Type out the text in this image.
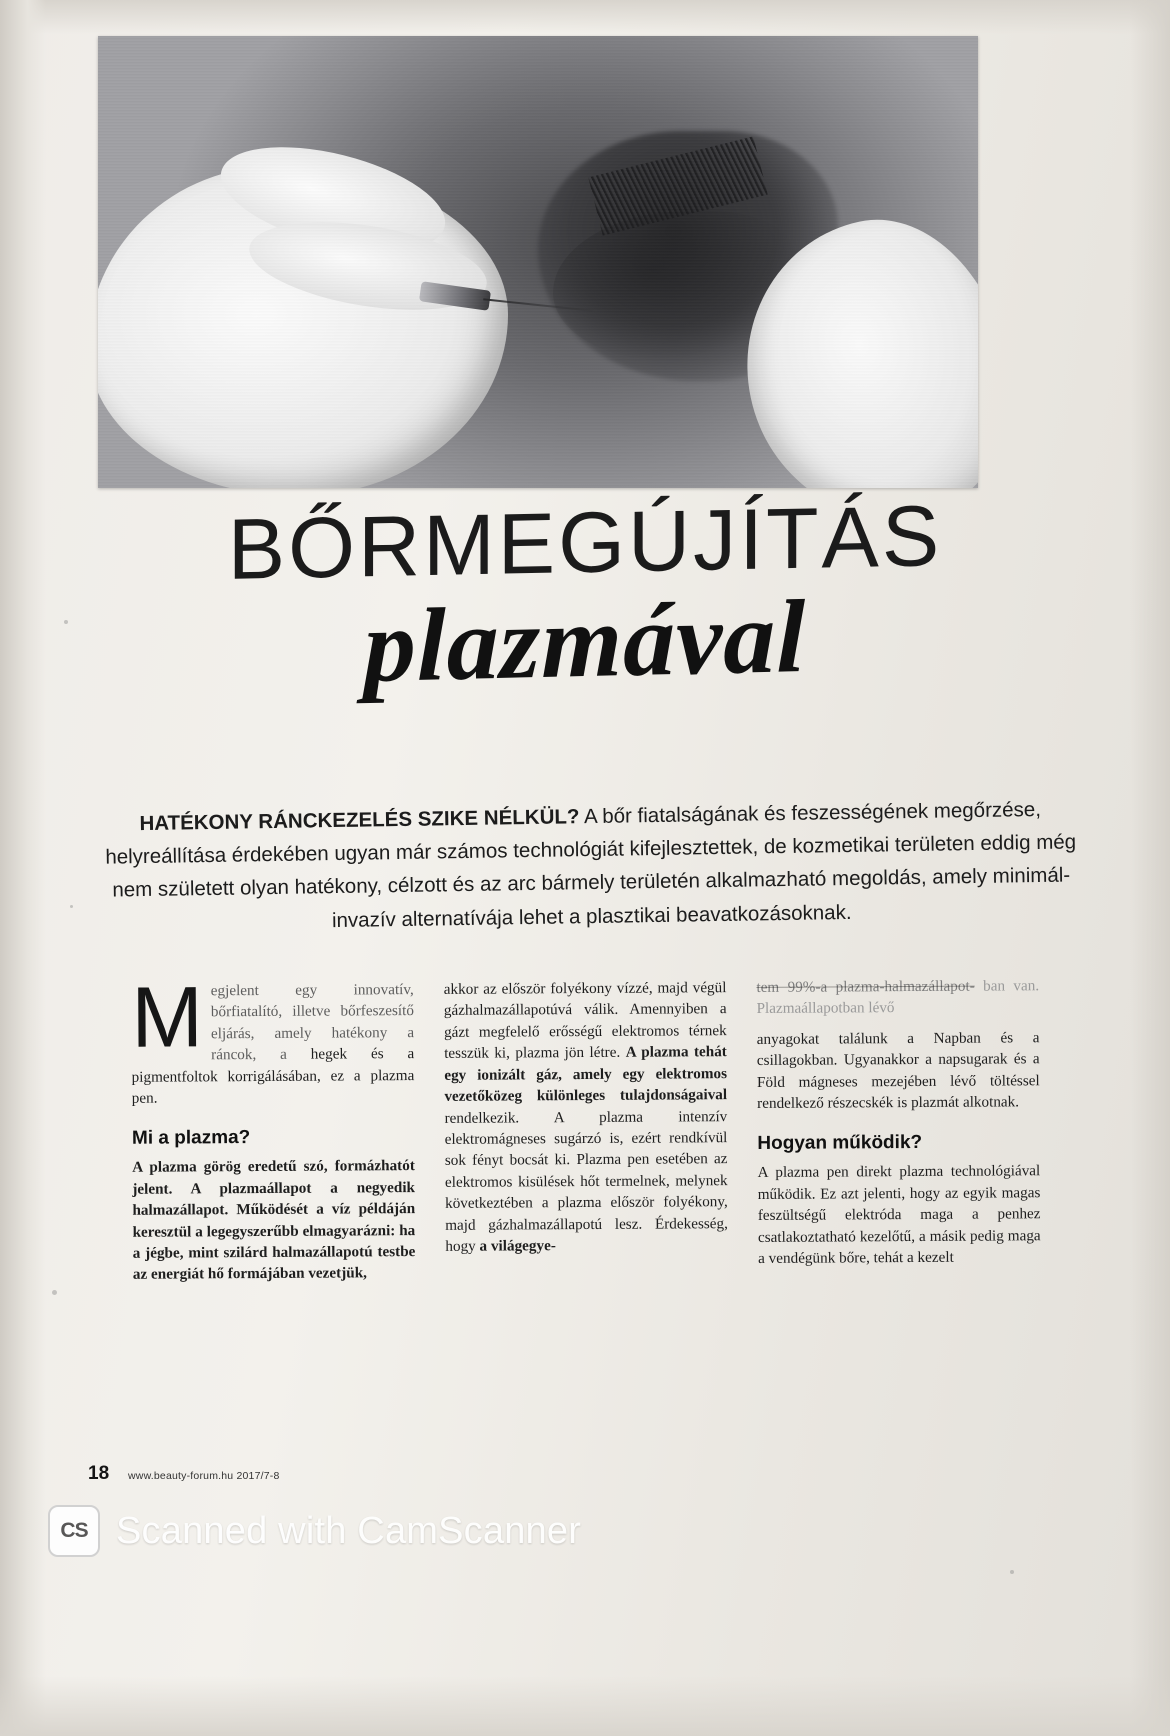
BŐRMEGÚJÍTÁS
plazmával
HATÉKONY RÁNCKEZELÉS SZIKE NÉLKÜL? A bőr fiatalságának és feszességének megőrzése, helyreállítása érdekében ugyan már számos technológiát kifejlesztettek, de kozmetikai területen eddig még nem született olyan hatékony, célzott és az arc bármely területén alkalmazható megoldás, amely minimál-invazív alternatívája lehet a plasztikai beavatkozásoknak.

Megjelent egy innovatív, bőrfiatalító, illetve bőrfeszesítő eljárás, amely hatékony a ráncok, a hegek és a pigmentfoltok korrigálásában, ez a plazma pen.

Mi a plazma?

A plazma görög eredetű szó, formázhatót jelent. A plazmaállapot a negyedik halmazállapot. Működését a víz példáján keresztül a legegyszerűbb elmagyarázni: ha a jégbe, mint szilárd halmazállapotú testbe az energiát hő formájában vezetjük,

akkor az először folyékony vízzé, majd végül gázhalmazállapotúvá válik. Amennyiben a gázt megfelelő erősségű elektromos térnek tesszük ki, plazma jön létre. A plazma tehát egy ionizált gáz, amely egy elektromos vezetőközeg különleges tulajdonságaival rendelkezik. A plazma intenzív elektromágneses sugárzó is, ezért rendkívül sok fényt bocsát ki. Plazma pen esetében az elektromos kisülések hőt termelnek, melynek következtében a plazma először folyékony, majd gázhalmazállapotú lesz. Érdekesség, hogy a világegye-

tem 99%-a plazma-halmazállapot- ban van. Plazmaállapotban lévő

anyagokat találunk a Napban és a csillagokban. Ugyanakkor a napsugarak és a Föld mágneses mezejében lévő töltéssel rendelkező részecskék is plazmát alkotnak.

Hogyan működik?

A plazma pen direkt plazma technológiával működik. Ez azt jelenti, hogy az egyik magas feszültségű elektróda maga a penhez csatlakoztatható kezelőtű, a másik pedig maga a vendégünk bőre, tehát a kezelt

18 www.beauty-forum.hu 2017/7-8
CS Scanned with CamScanner
